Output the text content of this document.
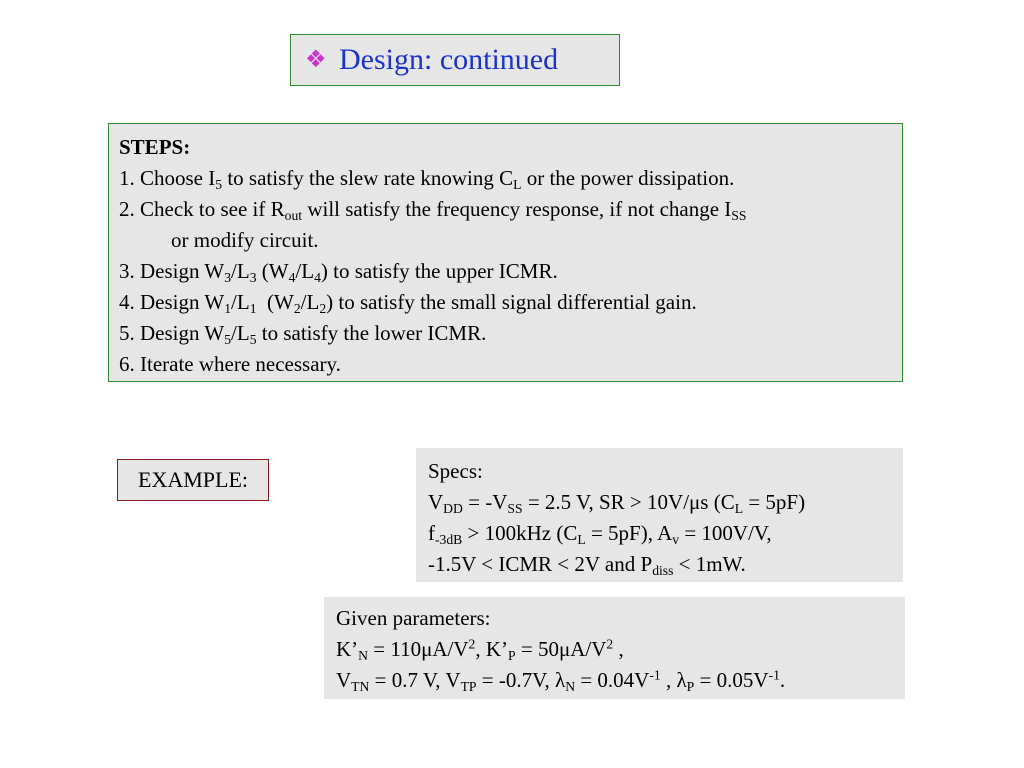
❖ Design: continued
STEPS:
1. Choose $I_5$ to satisfy the slew rate knowing $C_L$ or the power dissipation.
2. Check to see if $R_{out}$ will satisfy the frequency response, if not change $I_{SS}$
or modify circuit.
3. Design $W_3/L_3$ $(W_4/L_4)$ to satisfy the upper ICMR.
4. Design $W_1/L_1$  $(W_2/L_2)$ to satisfy the small signal differential gain.
5. Design $W_5/L_5$ to satisfy the lower ICMR.
6. Iterate where necessary.
EXAMPLE:	Specs:
$V_{DD} = -V_{SS} = 2.5$ V, SR > 10V/μs $(C_L = 5pF)$
$f_{-3dB} > 100kHz$ $(C_L = 5pF)$, $A_v = 100V/V$,
-1.5V < ICMR < 2V and $P_{diss} < 1mW$.
Given parameters:
$K’_N = 110\mu A/V^2$, $K’_P = 50\mu A/V^2$ ,
$V_{TN} = 0.7$ V, $V_{TP} = -0.7V$, $\lambda_N = 0.04V^{-1}$ , $\lambda_P = 0.05V^{-1}$.
